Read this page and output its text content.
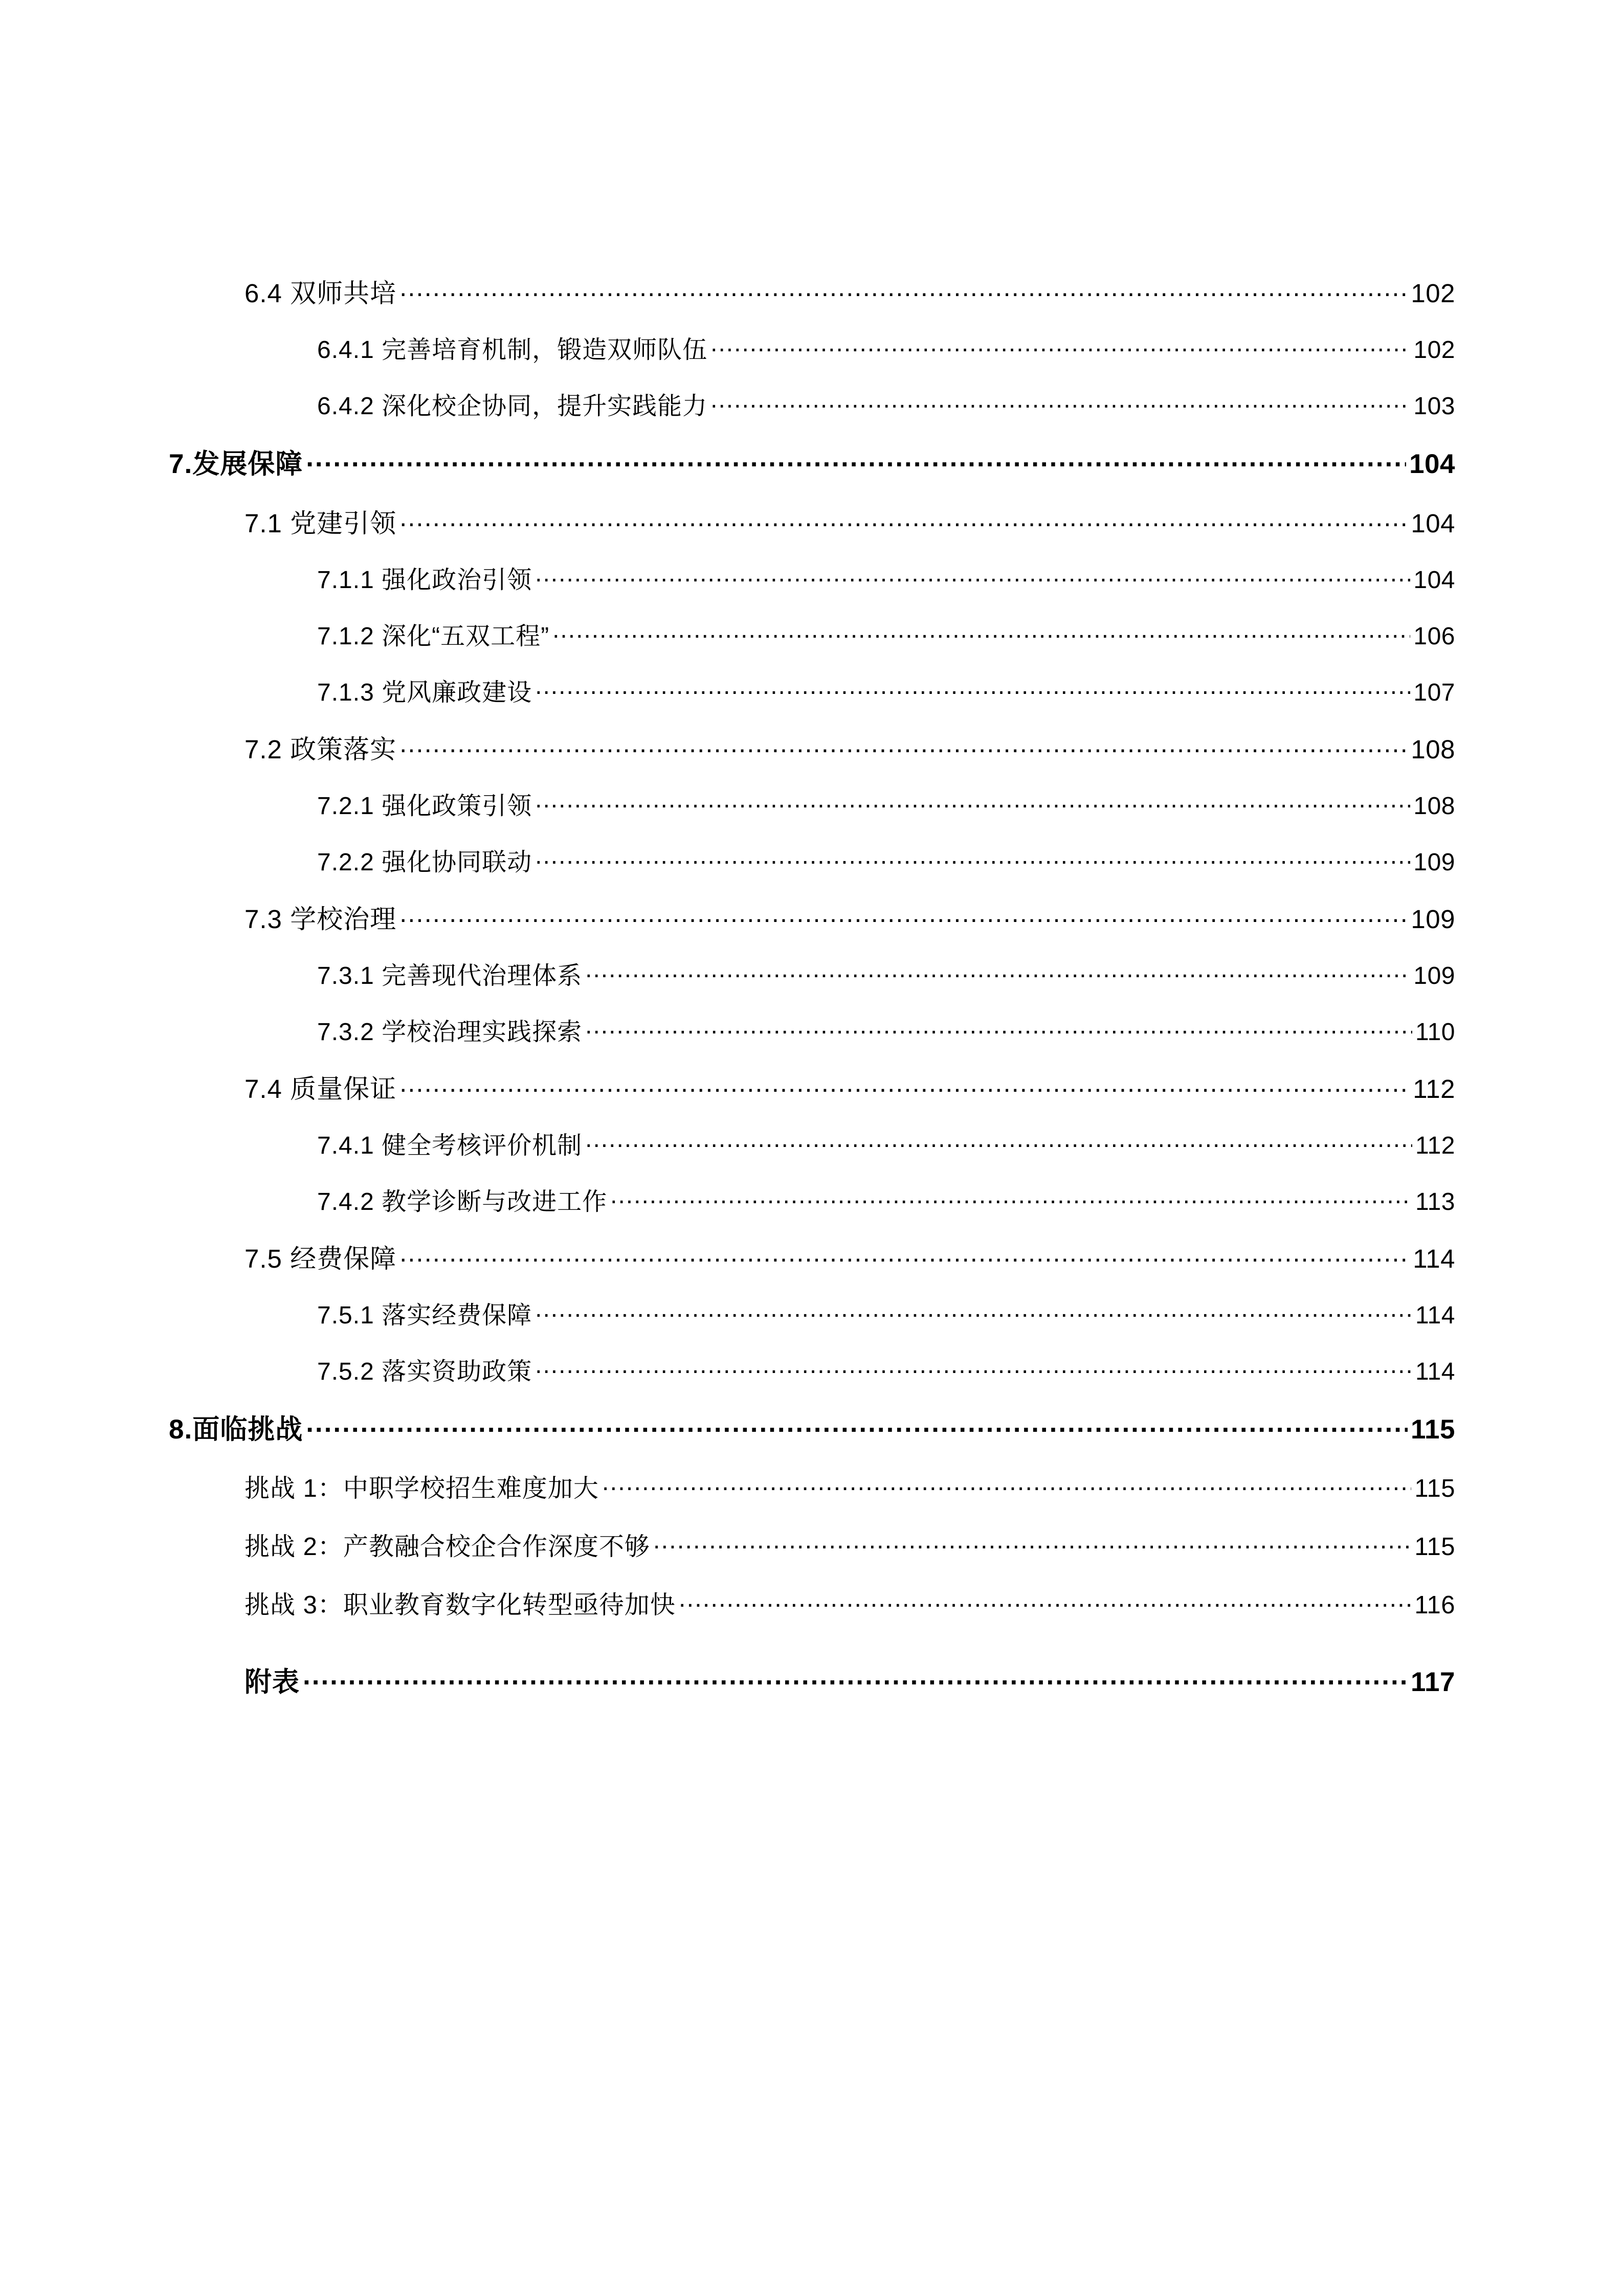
6.4 双师共培 .....	102
6.4.1 完善培育机制，锻造双师队伍 .....	102
6.4.2 深化校企协同，提升实践能力 .....	103
7.发展保障 .....	104
7.1 党建引领 .....	104
7.1.1 强化政治引领 .....	104
7.1.2 深化“五双工程” .....	106
7.1.3 党风廉政建设 .....	107
7.2 政策落实 .....	108
7.2.1 强化政策引领 .....	108
7.2.2 强化协同联动 .....	109
7.3 学校治理 .....	109
7.3.1 完善现代治理体系 .....	109
7.3.2 学校治理实践探索 .....	110
7.4 质量保证 .....	112
7.4.1 健全考核评价机制 .....	112
7.4.2 教学诊断与改进工作 .....	113
7.5 经费保障 .....	114
7.5.1 落实经费保障 .....	114
7.5.2 落实资助政策 .....	114
8.面临挑战 .....	115
挑战 1：中职学校招生难度加大 .....	115
挑战 2：产教融合校企合作深度不够 .....	115
挑战 3：职业教育数字化转型亟待加快 .....	116
附表 .....	117
